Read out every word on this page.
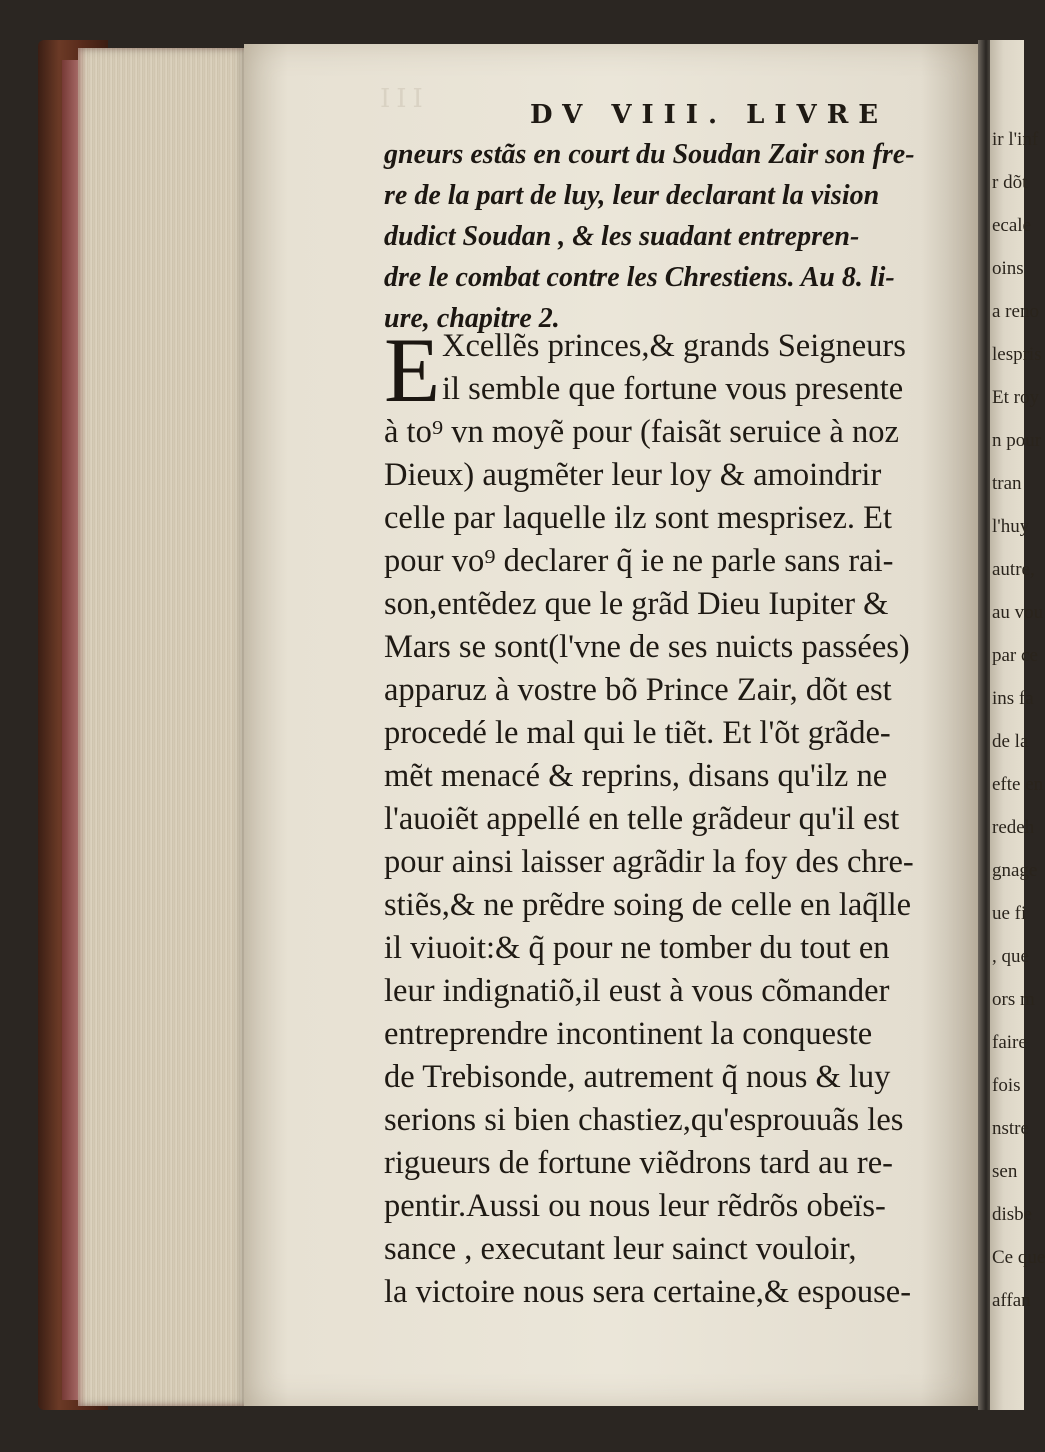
ir l'inf
r dõt
ecale
oins
a reno
lespris
Et roy
n pour
tran
l'huy
autre,
au vou
par ce
ins fa
de la
efte en
redeh
gnage
ue fi
, que
ors m
faire
fois
nstre
sen
disbe
Ce que
affan
III
DV VIII. LIVRE
gneurs estãs en court du Soudan Zair son fre-
re de la part de luy, leur declarant la vision
dudict Soudan , & les suadant entrepren-
dre le combat contre les Chrestiens. Au 8. li-
ure, chapitre 2.
E Xcellẽs princes,& grands Seigneurs
il semble que fortune vous presente
à to⁹ vn moyẽ pour (faisãt seruice à noz
Dieux) augmẽter leur loy & amoindrir
celle par laquelle ilz sont mesprisez. Et
pour vo⁹ declarer q̃ ie ne parle sans rai-
son,entẽdez que le grãd Dieu Iupiter &
Mars se sont(l'vne de ses nuicts passées)
apparuz à vostre bõ Prince Zair, dõt est
procedé le mal qui le tiẽt. Et l'õt grãde-
mẽt menacé & reprins, disans qu'ilz ne
l'auoiẽt appellé en telle grãdeur qu'il est
pour ainsi laisser agrãdir la foy des chre-
stiẽs,& ne prẽdre soing de celle en laq̃lle
il viuoit:& q̃ pour ne tomber du tout en
leur indignatiõ,il eust à vous cõmander
entreprendre incontinent la conqueste
de Trebisonde, autrement q̃ nous & luy
serions si bien chastiez,qu'esprouuãs les
rigueurs de fortune viẽdrons tard au re-
pentir.Aussi ou nous leur rẽdrõs obeïs-
sance , executant leur sainct vouloir,
la victoire nous sera certaine,& espouse-
